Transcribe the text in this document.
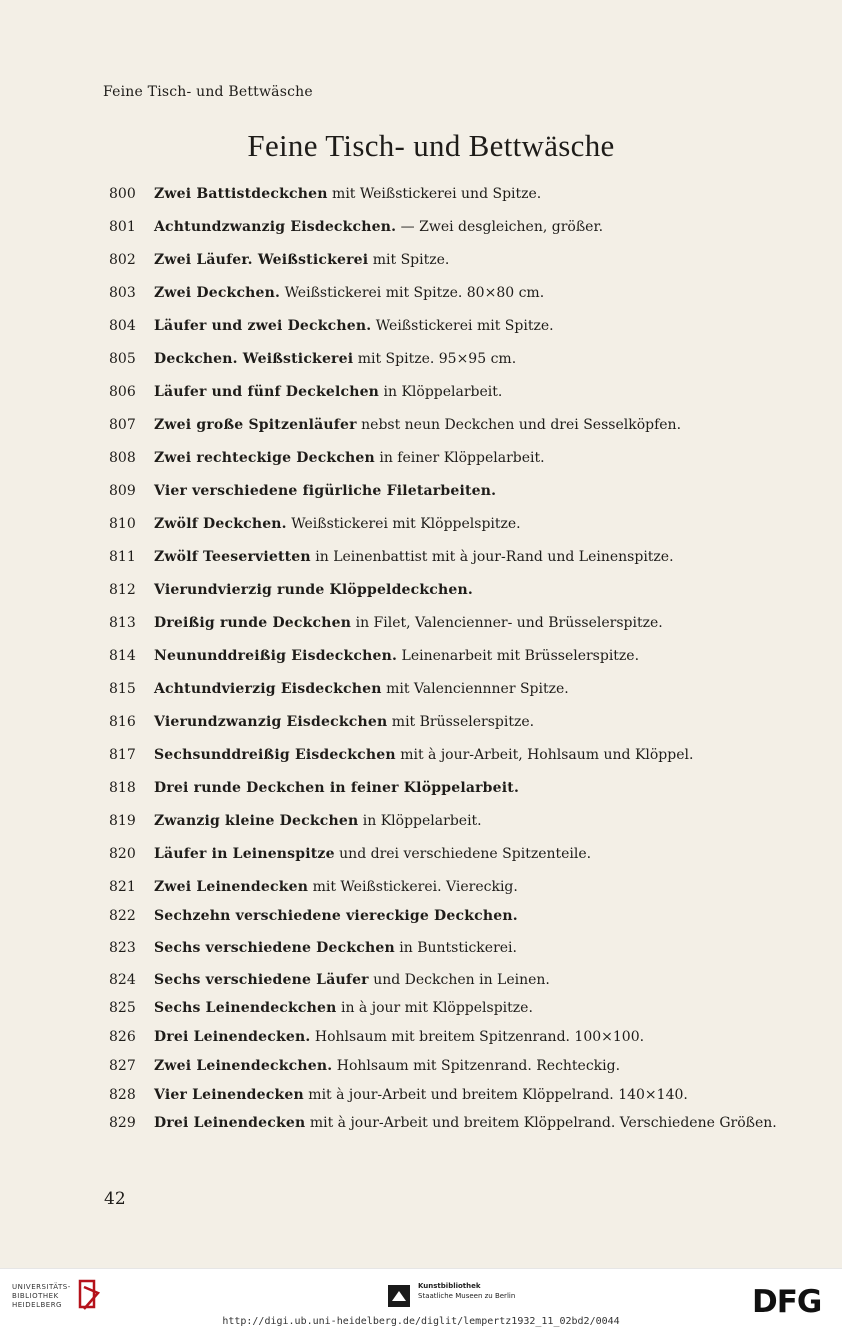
Feine Tisch- und Bettwäsche
Feine Tisch- und Bettwäsche
800	Zwei Battistdeckchen mit Weißstickerei und Spitze.
801	Achtundzwanzig Eisdeckchen. — Zwei desgleichen, größer.
802	Zwei Läufer. Weißstickerei mit Spitze.
803	Zwei Deckchen. Weißstickerei mit Spitze. 80×80 cm.
804	Läufer und zwei Deckchen. Weißstickerei mit Spitze.
805	Deckchen. Weißstickerei mit Spitze. 95×95 cm.
806	Läufer und fünf Deckelchen in Klöppelarbeit.
807	Zwei große Spitzenläufer nebst neun Deckchen und drei Sesselköpfen.
808	Zwei rechteckige Deckchen in feiner Klöppelarbeit.
809	Vier verschiedene figürliche Filetarbeiten.
810	Zwölf Deckchen. Weißstickerei mit Klöppelspitze.
811	Zwölf Teeservietten in Leinenbattist mit à jour-Rand und Leinenspitze.
812	Vierundvierzig runde Klöppeldeckchen.
813	Dreißig runde Deckchen in Filet, Valencienner- und Brüsselerspitze.
814	Neununddreißig Eisdeckchen. Leinenarbeit mit Brüsselerspitze.
815	Achtundvierzig Eisdeckchen mit Valenciennner Spitze.
816	Vierundzwanzig Eisdeckchen mit Brüsselerspitze.
817	Sechsunddreißig Eisdeckchen mit à jour-Arbeit, Hohlsaum und Klöppel.
818	Drei runde Deckchen in feiner Klöppelarbeit.
819	Zwanzig kleine Deckchen in Klöppelarbeit.
820	Läufer in Leinenspitze und drei verschiedene Spitzenteile.
821	Zwei Leinendecken mit Weißstickerei. Viereckig.
822	Sechzehn verschiedene viereckige Deckchen.
823	Sechs verschiedene Deckchen in Buntstickerei.
824	Sechs verschiedene Läufer und Deckchen in Leinen.
825	Sechs Leinendeckchen in à jour mit Klöppelspitze.
826	Drei Leinendecken. Hohlsaum mit breitem Spitzenrand. 100×100.
827	Zwei Leinendeckchen. Hohlsaum mit Spitzenrand. Rechteckig.
828	Vier Leinendecken mit à jour-Arbeit und breitem Klöppelrand. 140×140.
829	Drei Leinendecken mit à jour-Arbeit und breitem Klöppelrand. Verschiedene Größen.
42
UNIVERSITÄTS-
BIBLIOTHEK
HEIDELBERG
Kunstbibliothek
Staatliche Museen zu Berlin	DFG
http://digi.ub.uni-heidelberg.de/diglit/lempertz1932_11_02bd2/0044
